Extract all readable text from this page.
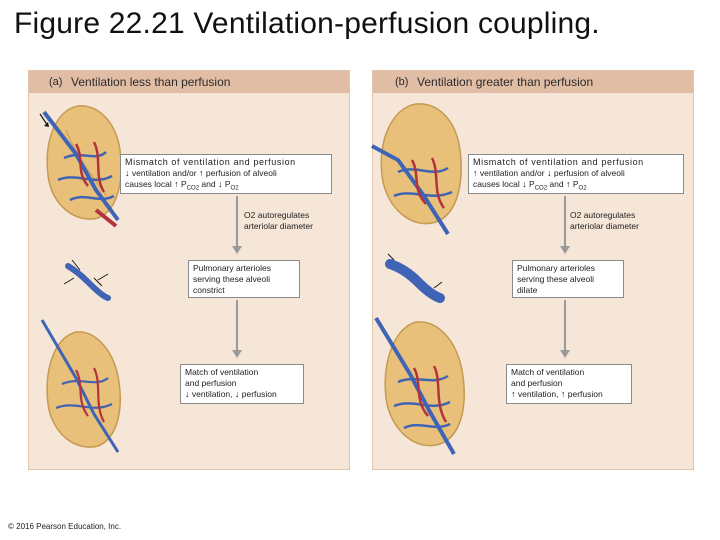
Figure 22.21 Ventilation-perfusion coupling.
(a) Ventilation less than perfusion	(b) Ventilation greater than perfusion
Mismatch of ventilation and perfusion
↓ ventilation and/or ↑ perfusion of alveoli
causes local ↑ $P_{CO2}$ and ↓ $P_{O2}$
O2 autoregulates
arteriolar diameter
Pulmonary arterioles
serving these alveoli
constrict
Match of ventilation
and perfusion
↓ ventilation, ↓ perfusion
Mismatch of ventilation and perfusion
↑ ventilation and/or ↓ perfusion of alveoli
causes local ↓ $P_{CO2}$ and ↑ $P_{O2}$
O2 autoregulates
arteriolar diameter
Pulmonary arterioles
serving these alveoli
dilate
Match of ventilation
and perfusion
↑ ventilation, ↑ perfusion
© 2016 Pearson Education, Inc.
